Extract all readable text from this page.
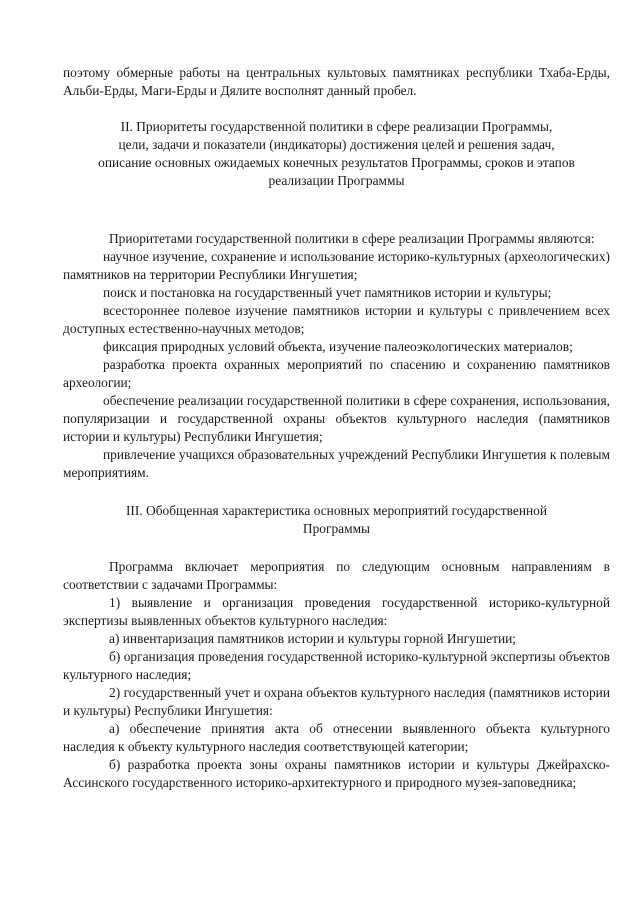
поэтому обмерные работы на центральных культовых памятниках республики Тхаба-Ерды, Альби-Ерды, Маги-Ерды и Дялите восполнят данный пробел.

II. Приоритеты государственной политики в сфере реализации Программы,
цели, задачи и показатели (индикаторы) достижения целей и решения задач,
описание основных ожидаемых конечных результатов Программы, сроков и этапов
реализации Программы

Приоритетами государственной политики в сфере реализации Программы являются:

научное изучение, сохранение и использование историко-культурных (археологических) памятников на территории Республики Ингушетия;

поиск и постановка на государственный учет памятников истории и культуры;

всестороннее полевое изучение памятников истории и культуры с привлечением всех доступных естественно-научных методов;

фиксация природных условий объекта, изучение палеоэкологических материалов;

разработка проекта охранных мероприятий по спасению и сохранению памятников археологии;

обеспечение реализации государственной политики в сфере сохранения, использования, популяризации и государственной охраны объектов культурного наследия (памятников истории и культуры) Республики Ингушетия;

привлечение учащихся образовательных учреждений Республики Ингушетия к полевым мероприятиям.

III. Обобщенная характеристика основных мероприятий государственной
Программы

Программа включает мероприятия по следующим основным направлениям в соответствии с задачами Программы:

1) выявление и организация проведения государственной историко-культурной экспертизы выявленных объектов культурного наследия:

а) инвентаризация памятников истории и культуры горной Ингушетии;

б) организация проведения государственной историко-культурной экспертизы объектов культурного наследия;

2) государственный учет и охрана объектов культурного наследия (памятников истории и культуры) Республики Ингушетия:

а) обеспечение принятия акта об отнесении выявленного объекта культурного наследия к объекту культурного наследия соответствующей категории;

б) разработка проекта зоны охраны памятников истории и культуры Джейрахско-Ассинского государственного историко-архитектурного и природного музея-заповедника;
